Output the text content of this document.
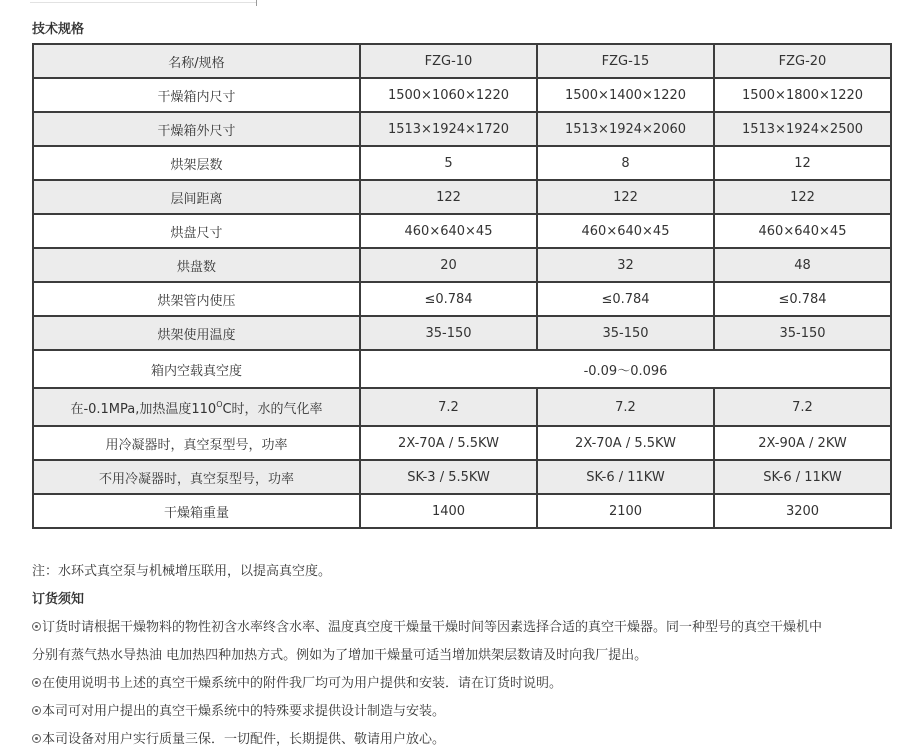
技术规格
名称/规格	FZG-10	FZG-15	FZG-20
干燥箱内尺寸	1500×1060×1220	1500×1400×1220	1500×1800×1220
干燥箱外尺寸	1513×1924×1720	1513×1924×2060	1513×1924×2500
烘架层数	5	8	12
层间距离	122	122	122
烘盘尺寸	460×640×45	460×640×45	460×640×45
烘盘数	20	32	48
烘架管内使压	≤0.784	≤0.784	≤0.784
烘架使用温度	35-150	35-150	35-150
箱内空载真空度	-0.09～0.096		
在-0.1MPa,加热温度$110^OC$时，水的气化率	7.2	7.2	7.2
用冷凝器时，真空泵型号，功率	2X-70A / 5.5KW	2X-70A / 5.5KW	2X-90A / 2KW
不用冷凝器时，真空泵型号，功率	SK-3 / 5.5KW	SK-6 / 11KW	SK-6 / 11KW
干燥箱重量	1400	2100	3200
注：水环式真空泵与机械增压联用，以提高真空度。
订货须知
订货时请根据干燥物料的物性初含水率终含水率、温度真空度干燥量干燥时间等因素选择合适的真空干燥器。同一种型号的真空干燥机中
分别有蒸气热水导热油 电加热四种加热方式。例如为了增加干燥量可适当增加烘架层数请及时向我厂提出。
在使用说明书上述的真空干燥系统中的附件我厂均可为用户提供和安装．请在订货时说明。
本司可对用户提出的真空干燥系统中的特殊要求提供设计制造与安装。
本司设备对用户实行质量三保．一切配件，长期提供、敬请用户放心。
